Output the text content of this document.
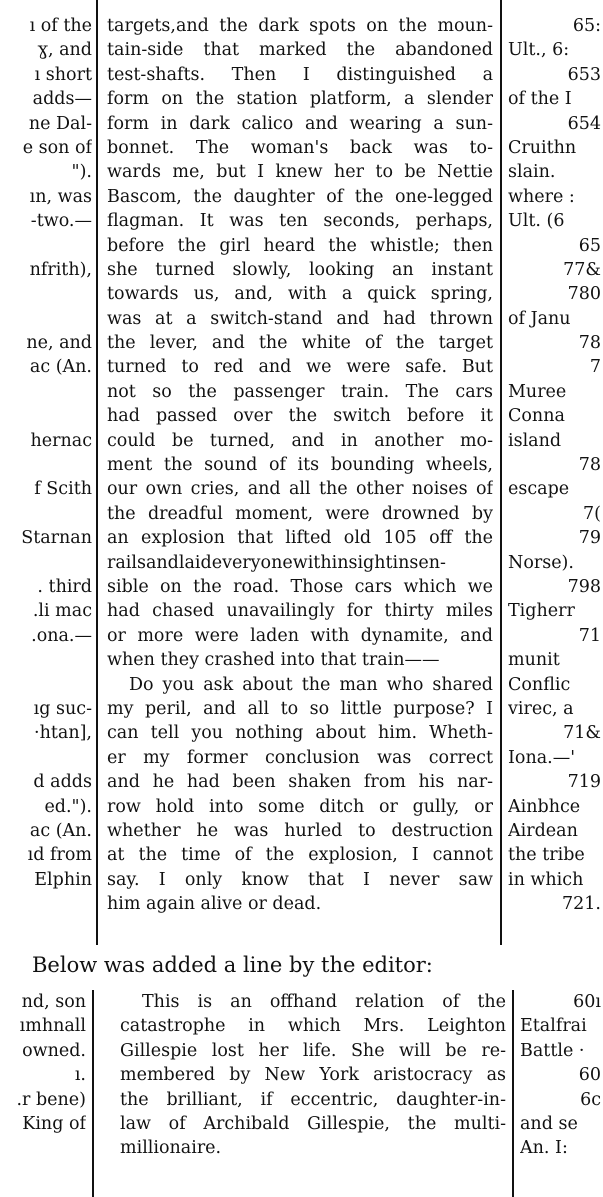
ı of the
ɣ, and
ı short
adds—
ne Dal-
e son of
").
ın, was
-two.—
nfrith),
ne, and
ac (An.
hernac
f Scith
Starnan
. third
.li mac
.ona.—
ıg suc-
·htan],
d adds
ed.").
ac (An.
ıd from
Elphin
targets,and the dark spots on the moun-
tain-side that marked the abandoned
test-shafts. Then I distinguished a
form on the station platform, a slender
form in dark calico and wearing a sun-
bonnet. The woman's back was to-
wards me, but I knew her to be Nettie
Bascom, the daughter of the one-legged
flagman. It was ten seconds, perhaps,
before the girl heard the whistle; then
she turned slowly, looking an instant
towards us, and, with a quick spring,
was at a switch-stand and had thrown
the lever, and the white of the target
turned to red and we were safe. But
not so the passenger train. The cars
had passed over the switch before it
could be turned, and in another mo-
ment the sound of its bounding wheels,
our own cries, and all the other noises of
the dreadful moment, were drowned by
an explosion that lifted old 105 off the
railsandlaideveryonewithinsightinsen-
sible on the road. Those cars which we
had chased unavailingly for thirty miles
or more were laden with dynamite, and
when they crashed into that train——
Do you ask about the man who shared
my peril, and all to so little purpose? I
can tell you nothing about him. Wheth-
er my former conclusion was correct
and he had been shaken from his nar-
row hold into some ditch or gully, or
whether he was hurled to destruction
at the time of the explosion, I cannot
say. I only know that I never saw
him again alive or dead.
65:
Ult., 6:
653
of the I
654
Cruithn
slain.
where :
Ult. (6
65
77&
780
of Janu
78
7
Muree
Conna
island
78
escape
7(
79
Norse).
798
Tigherr
71
munit
Conflic
virec, a
71&
Iona.—'
719
Ainbhce
Airdean
the tribe
in which
721.
Below was added a line by the editor:
nd, son
ımhnall
owned.
ı.
.r bene)
King of
This is an offhand relation of the
catastrophe in which Mrs. Leighton
Gillespie lost her life. She will be re-
membered by New York aristocracy as
the brilliant, if eccentric, daughter-in-
law of Archibald Gillespie, the multi-
millionaire.
60ı
Etalfrai
Battle ·
60
6c
and se
An. I:
